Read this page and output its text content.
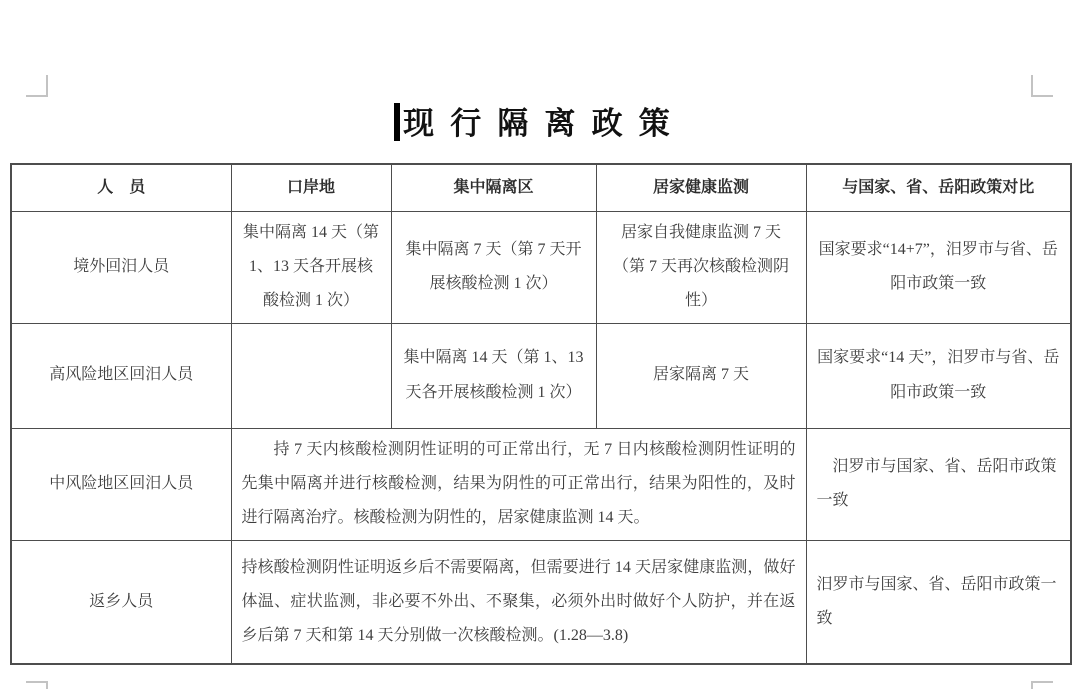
现行隔离政策
人　员	口岸地	集中隔离区	居家健康监测	与国家、省、岳阳政策对比
境外回汨人员	集中隔离 14 天（第1、13 天各开展核酸检测 1 次）	集中隔离 7 天（第 7 天开展核酸检测 1 次）	居家自我健康监测 7 天（第 7 天再次核酸检测阴性）	国家要求“14+7”，汨罗市与省、岳阳市政策一致
高风险地区回汨人员		集中隔离 14 天（第 1、13 天各开展核酸检测 1 次）	居家隔离 7 天	国家要求“14 天”，汨罗市与省、岳阳市政策一致
中风险地区回汨人员	持 7 天内核酸检测阴性证明的可正常出行，无 7 日内核酸检测阴性证明的先集中隔离并进行核酸检测，结果为阴性的可正常出行，结果为阳性的，及时进行隔离治疗。核酸检测为阴性的，居家健康监测 14 天。			汨罗市与国家、省、岳阳市政策一致
返乡人员	持核酸检测阴性证明返乡后不需要隔离，但需要进行 14 天居家健康监测，做好体温、症状监测，非必要不外出、不聚集，必须外出时做好个人防护，并在返乡后第 7 天和第 14 天分别做一次核酸检测。(1.28—3.8)			汨罗市与国家、省、岳阳市政策一致
